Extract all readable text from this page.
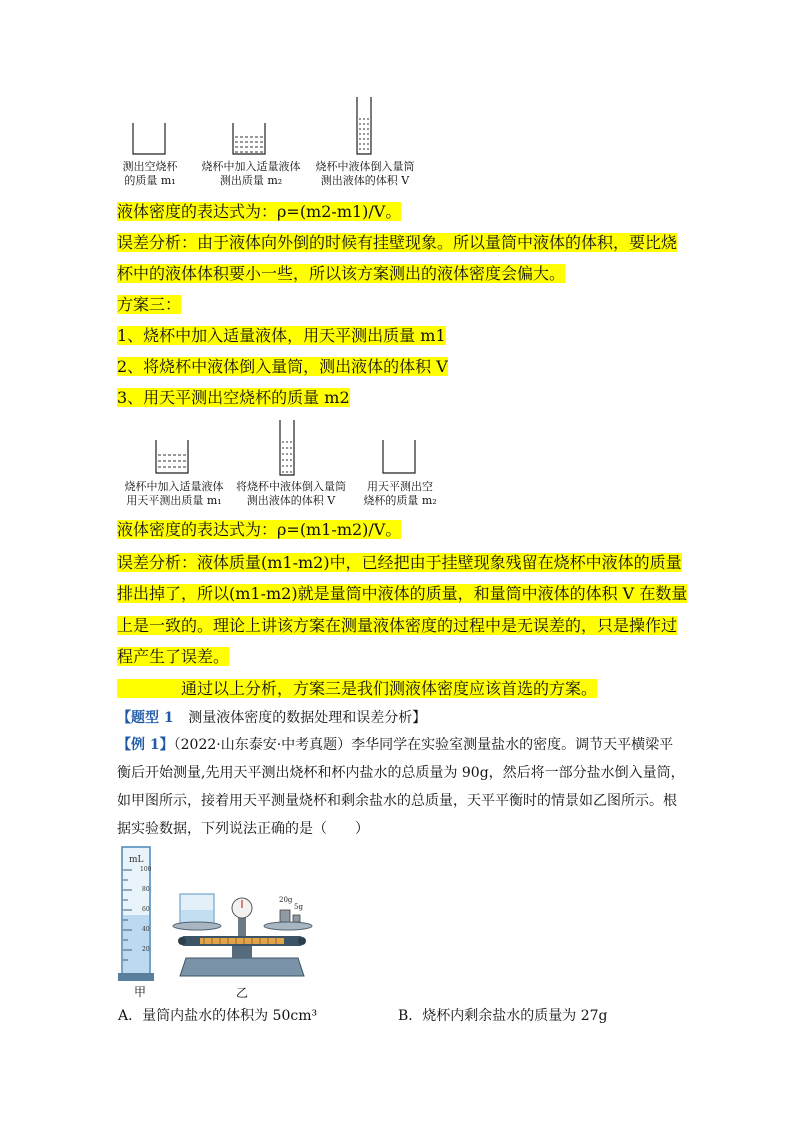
测出空烧杯
的质量 m₁
烧杯中加入适量液体
测出质量 m₂
烧杯中液体倒入量筒
测出液体的体积 V
液体密度的表达式为：ρ=(m2-m1)/V。
误差分析：由于液体向外倒的时候有挂壁现象。所以量筒中液体的体积，要比烧
杯中的液体体积要小一些，所以该方案测出的液体密度会偏大。
方案三：
1、烧杯中加入适量液体，用天平测出质量 m1
2、将烧杯中液体倒入量筒，测出液体的体积 V
3、用天平测出空烧杯的质量 m2
烧杯中加入适量液体
用天平测出质量 m₁
将烧杯中液体倒入量筒
测出液体的体积 V
用天平测出空
烧杯的质量 m₂
液体密度的表达式为：ρ=(m1-m2)/V。
误差分析：液体质量(m1-m2)中，已经把由于挂壁现象残留在烧杯中液体的质量
排出掉了，所以(m1-m2)就是量筒中液体的质量，和量筒中液体的体积 V 在数量
上是一致的。理论上讲该方案在测量液体密度的过程中是无误差的，只是操作过
程产生了误差。
通过以上分析，方案三是我们测液体密度应该首选的方案。
【题型 1 测量液体密度的数据处理和误差分析】
【例 1】（2022·山东泰安·中考真题）李华同学在实验室测量盐水的密度。调节天平横梁平
衡后开始测量,先用天平测出烧杯和杯内盐水的总质量为 90g，然后将一部分盐水倒入量筒，
如甲图所示，接着用天平测量烧杯和剩余盐水的总质量，天平平衡时的情景如乙图所示。根
据实验数据，下列说法正确的是（　　）
mL
100
80
60
40
20
甲
20g
5g
乙
A．量筒内盐水的体积为 50cm³	B．烧杯内剩余盐水的质量为 27g
